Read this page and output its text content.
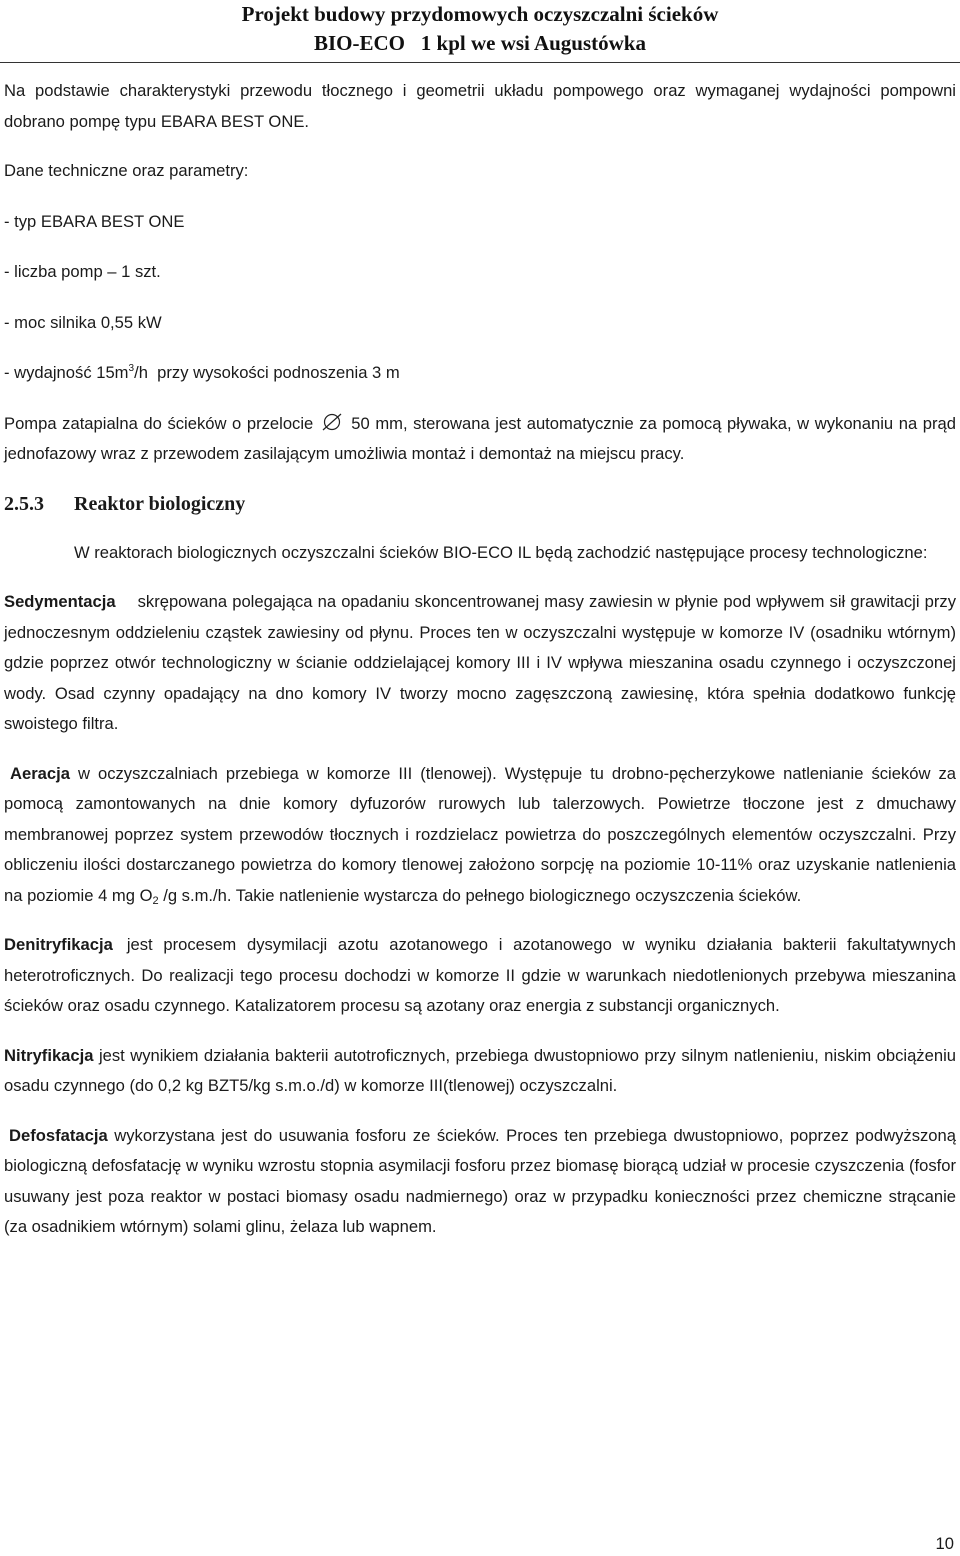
Projekt budowy przydomowych oczyszczalni ścieków
BIO-ECO   1 kpl we wsi Augustówka

Na podstawie charakterystyki przewodu tłocznego i geometrii układu pompowego oraz wymaganej wydajności pompowni dobrano pompę typu EBARA BEST ONE.

Dane techniczne oraz parametry:

- typ EBARA BEST ONE

- liczba pomp – 1 szt.

- moc silnika 0,55 kW

- wydajność $15m^3/h$  przy wysokości podnoszenia 3 m

Pompa zatapialna do ścieków o przelocie 50 mm, sterowana jest automatycznie za pomocą pływaka, w wykonaniu na prąd jednofazowy wraz z przewodem zasilającym umożliwia montaż i demontaż na miejscu pracy.

2.5.3 Reaktor biologiczny

W reaktorach biologicznych oczyszczalni ścieków BIO-ECO IL będą zachodzić następujące procesy technologiczne:

Sedymentacja skrępowana polegająca na opadaniu skoncentrowanej masy zawiesin w płynie pod wpływem sił grawitacji przy jednoczesnym oddzieleniu cząstek zawiesiny od płynu. Proces ten w oczyszczalni występuje w komorze IV (osadniku wtórnym) gdzie poprzez otwór technologiczny w ścianie oddzielającej komory III i IV wpływa mieszanina osadu czynnego i oczyszczonej wody. Osad czynny opadający na dno komory IV tworzy mocno zagęszczoną zawiesinę, która spełnia dodatkowo funkcję swoistego filtra.

Aeracja w oczyszczalniach przebiega w komorze III (tlenowej). Występuje tu drobno-pęcherzykowe natlenianie ścieków za pomocą zamontowanych na dnie komory dyfuzorów rurowych lub talerzowych. Powietrze tłoczone jest z dmuchawy membranowej poprzez system przewodów tłocznych i rozdzielacz powietrza do poszczególnych elementów oczyszczalni. Przy obliczeniu ilości dostarczanego powietrza do komory tlenowej założono sorpcję na poziomie 10-11% oraz uzyskanie natlenienia na poziomie 4 mg $O_2$ /g s.m./h. Takie natlenienie wystarcza do pełnego biologicznego oczyszczenia ścieków.

Denitryfikacja jest procesem dysymilacji azotu azotanowego i azotanowego w wyniku działania bakterii fakultatywnych heterotroficznych. Do realizacji tego procesu dochodzi w komorze II gdzie w warunkach niedotlenionych przebywa mieszanina ścieków oraz osadu czynnego. Katalizatorem procesu są azotany oraz energia z substancji organicznych.

Nitryfikacja jest wynikiem działania bakterii autotroficznych, przebiega dwustopniowo przy silnym natlenieniu, niskim obciążeniu osadu czynnego (do 0,2 kg BZT5/kg s.m.o./d) w komorze III(tlenowej) oczyszczalni.

Defosfatacja wykorzystana jest do usuwania fosforu ze ścieków. Proces ten przebiega dwustopniowo, poprzez podwyższoną biologiczną defosfatację w wyniku wzrostu stopnia asymilacji fosforu przez biomasę biorącą udział w procesie czyszczenia (fosfor usuwany jest poza reaktor w postaci biomasy osadu nadmiernego) oraz w przypadku konieczności przez chemiczne strącanie (za osadnikiem wtórnym) solami glinu, żelaza lub wapnem.

10
